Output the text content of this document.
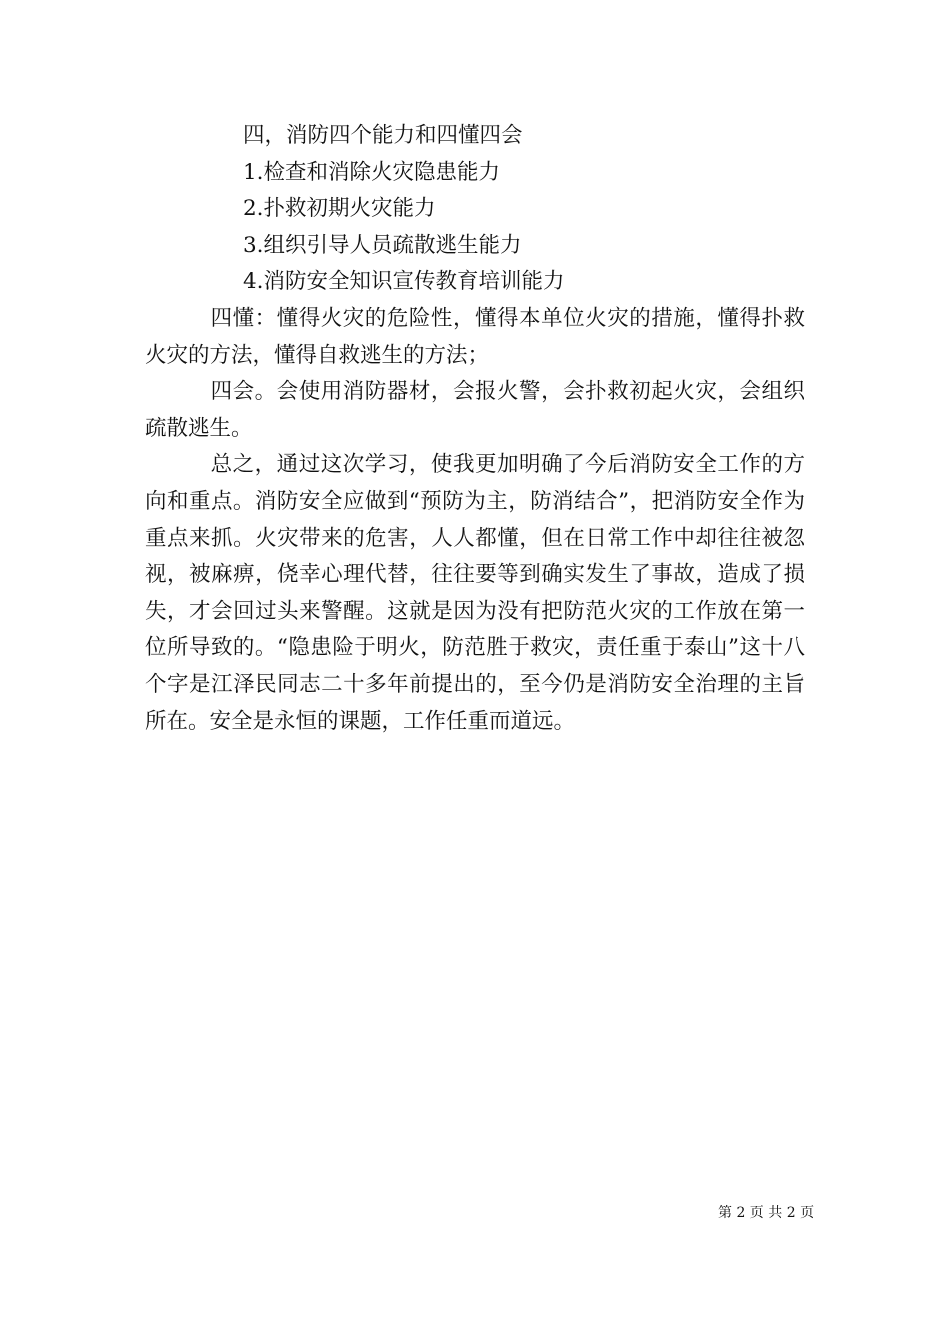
四，消防四个能力和四懂四会

1.检查和消除火灾隐患能力

2.扑救初期火灾能力

3.组织引导人员疏散逃生能力

4.消防安全知识宣传教育培训能力

四懂：懂得火灾的危险性，懂得本单位火灾的措施，懂得扑救火灾的方法，懂得自救逃生的方法；

四会。会使用消防器材，会报火警，会扑救初起火灾，会组织疏散逃生。

总之，通过这次学习，使我更加明确了今后消防安全工作的方向和重点。消防安全应做到“预防为主，防消结合”，把消防安全作为重点来抓。火灾带来的危害，人人都懂，但在日常工作中却往往被忽视，被麻痹，侥幸心理代替，往往要等到确实发生了事故，造成了损失，才会回过头来警醒。这就是因为没有把防范火灾的工作放在第一位所导致的。“隐患险于明火，防范胜于救灾，责任重于泰山”这十八个字是江泽民同志二十多年前提出的，至今仍是消防安全治理的主旨所在。安全是永恒的课题，工作任重而道远。

第 2 页 共 2 页
